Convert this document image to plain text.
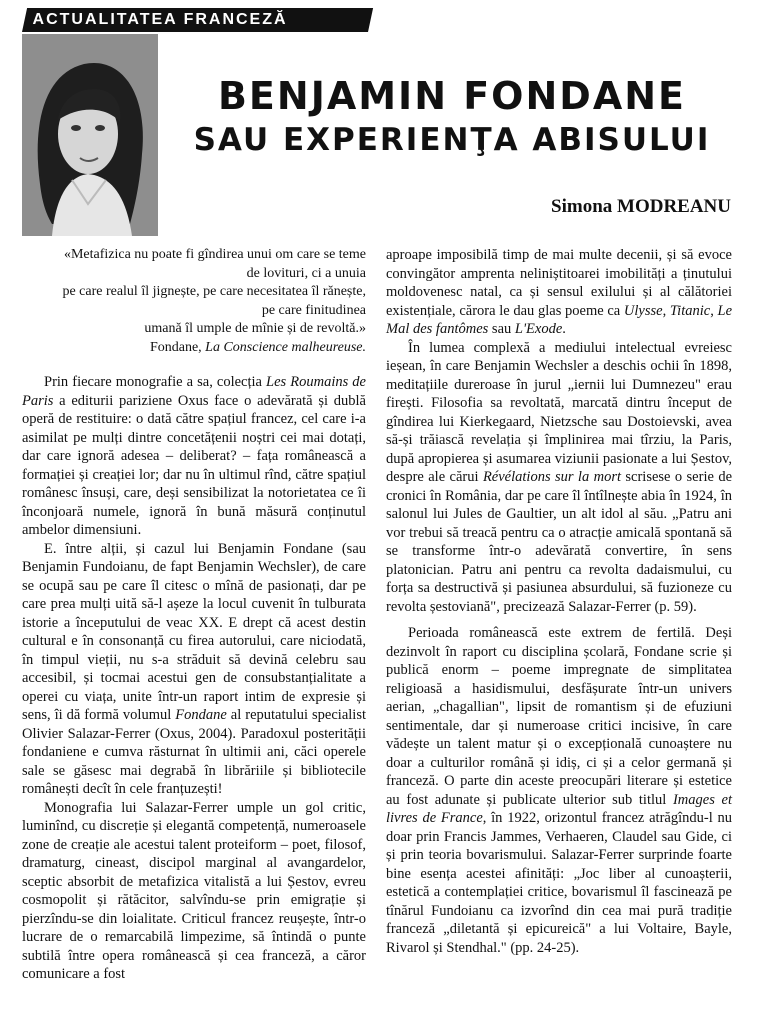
ACTUALITATEA FRANCEZĂ
BENJAMIN FONDANE
SAU EXPERIENŢA ABISULUI
Simona MODREANU
«Metafizica nu poate fi gîndirea unui om care se teme
de lovituri, ci a unuia
pe care realul îl jignește, pe care necesitatea îl rănește,
pe care finitudinea
umană îl umple de mînie și de revoltă.»
Fondane, La Conscience malheureuse.

Prin fiecare monografie a sa, colecția Les Roumains de Paris a editurii pariziene Oxus face o adevărată și dublă operă de restituire: o dată către spațiul francez, cel care i-a asimilat pe mulți dintre concetățenii noștri cei mai dotați, dar care ignoră adesea – deliberat? – fața românească a formației și creației lor; dar nu în ultimul rînd, către spațiul românesc însuși, care, deși sensibilizat la notorietatea ce îi înconjoară numele, ignoră în bună măsură conținutul ambelor dimensiuni.

E. între alții, și cazul lui Benjamin Fondane (sau Benjamin Fundoianu, de fapt Benjamin Wechsler), de care se ocupă sau pe care îl citesc o mînă de pasionați, dar pe care prea mulți uită să-l așeze la locul cuvenit în tulburata istorie a începutului de veac XX. E drept că acest destin cultural e în consonanță cu firea autorului, care niciodată, în timpul vieții, nu s-a străduit să devină celebru sau accesibil, și tocmai acestui gen de consubstanțialitate a operei cu viața, unite într-un raport intim de expresie și sens, îi dă formă volumul Fondane al reputatului specialist Olivier Salazar-Ferrer (Oxus, 2004). Paradoxul posterității fondaniene e cumva răsturnat în ultimii ani, căci operele sale se găsesc mai degrabă în librăriile și bibliotecile românești decît în cele franțuzești!

Monografia lui Salazar-Ferrer umple un gol critic, luminînd, cu discreție și elegantă competență, numeroasele zone de creație ale acestui talent proteiform – poet, filosof, dramaturg, cineast, discipol marginal al avangardelor, sceptic absorbit de metafizica vitalistă a lui Șestov, evreu cosmopolit și rătăcitor, salvîndu-se prin emigrație și pierzîndu-se din loialitate. Criticul francez reușește, într-o lucrare de o remarcabilă limpezime, să întindă o punte subtilă între opera românească și cea franceză, a căror comunicare a fost

aproape imposibilă timp de mai multe decenii, și să evoce convingător amprenta neliniștitoarei imobilități a ținutului moldovenesc natal, ca și sensul exilului și al călătoriei existențiale, cărora le dau glas poeme ca Ulysse, Titanic, Le Mal des fantômes sau L'Exode.

În lumea complexă a mediului intelectual evreiesc ieșean, în care Benjamin Wechsler a deschis ochii în 1898, meditațiile dureroase în jurul „iernii lui Dumnezeu" erau firești. Filosofia sa revoltată, marcată dintru început de gîndirea lui Kierkegaard, Nietzsche sau Dostoievski, avea să-și trăiască revelația și împlinirea mai tîrziu, la Paris, după apropierea și asumarea viziunii pasionate a lui Șestov, despre ale cărui Révélations sur la mort scrisese o serie de cronici în România, dar pe care îl întîlnește abia în 1924, în salonul lui Jules de Gaultier, un alt idol al său. „Patru ani vor trebui să treacă pentru ca o atracție amicală spontană să se transforme într-o adevărată convertire, în sens platonician. Patru ani pentru ca revolta dadaismului, cu forța sa destructivă și pasiunea absurdului, să fuzioneze cu revolta șestoviană", precizează Salazar-Ferrer (p. 59).

Perioada românească este extrem de fertilă. Deși dezinvolt în raport cu disciplina școlară, Fondane scrie și publică enorm – poeme impregnate de simplitatea religioasă a hasidismului, desfășurate într-un univers aerian, „chagallian", lipsit de romantism și de efuziuni sentimentale, dar și numeroase critici incisive, în care vădește un talent matur și o excepțională cunoaștere nu doar a culturilor română și idiș, ci și a celor germană și franceză. O parte din aceste preocupări literare și estetice au fost adunate și publicate ulterior sub titlul Images et livres de France, în 1922, orizontul francez atrăgîndu-l nu doar prin Francis Jammes, Verhaeren, Claudel sau Gide, ci și prin teoria bovarismului. Salazar-Ferrer surprinde foarte bine esența acestei afinități: „Joc liber al cunoașterii, estetică a contemplației critice, bovarismul îl fascinează pe tînărul Fundoianu ca izvorînd din cea mai pură tradiție franceză „diletantă și epicureică" a lui Voltaire, Bayle, Rivarol și Stendhal." (pp. 24-25).
